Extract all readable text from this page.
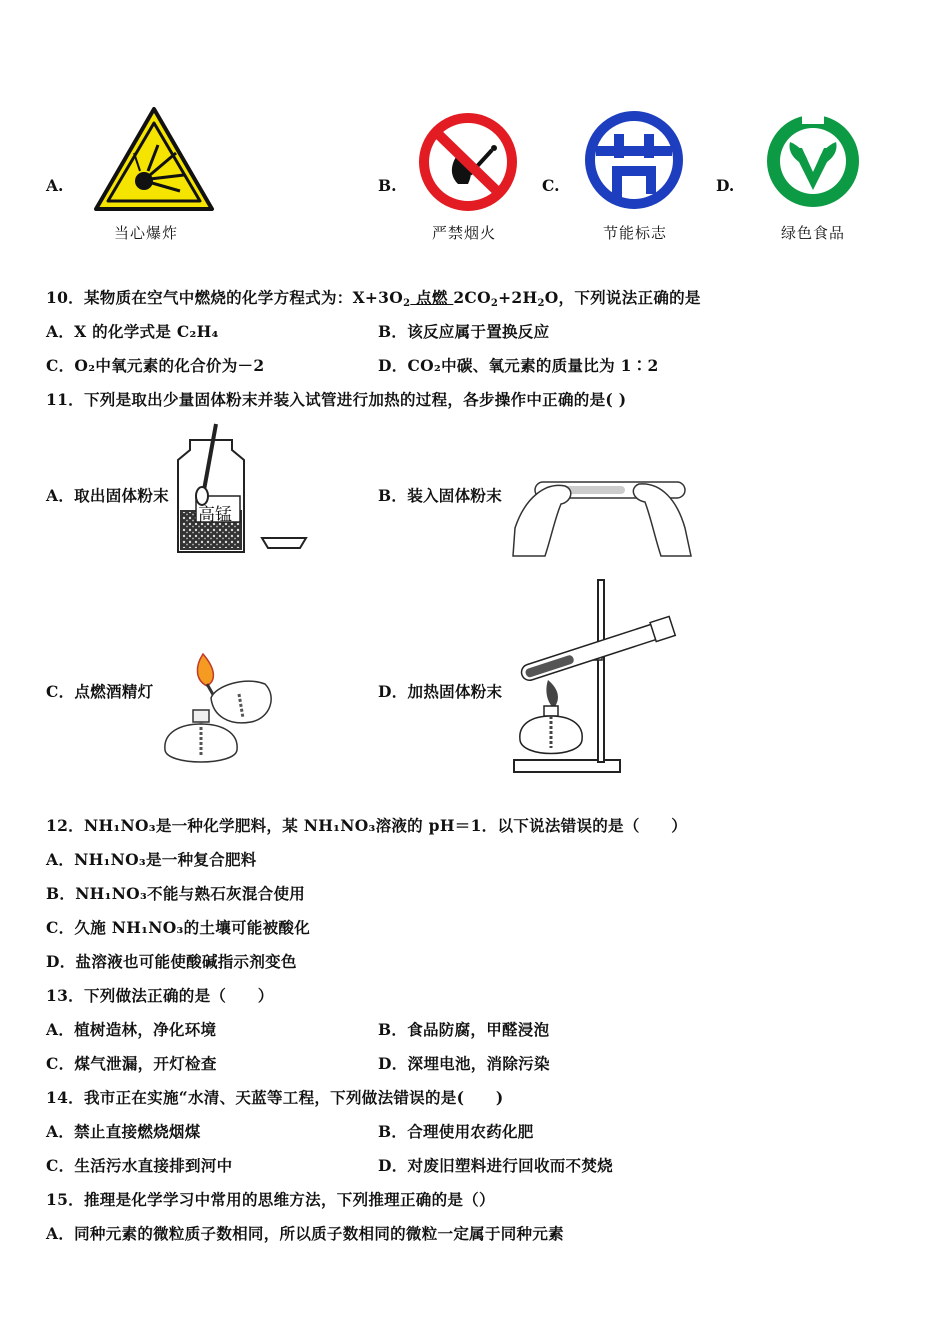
A.
当心爆炸
B.
严禁烟火
C.
节能标志
D.
绿色食品
10．某物质在空气中燃烧的化学方程式为：$X+3O_2$ 点燃 $2CO_2+2H_2O$，下列说法正确的是
A．X 的化学式是 C₂H₄	B．该反应属于置换反应
C．O₂中氧元素的化合价为－2	D．CO₂中碳、氧元素的质量比为 1∶2
11．下列是取出少量固体粉末并装入试管进行加热的过程，各步操作中正确的是( )
A．取出固体粉末
高锰
B．装入固体粉末
C．点燃酒精灯	D．加热固体粉末
12．NH₁NO₃是一种化学肥料，某 NH₁NO₃溶液的 pH＝1．以下说法错误的是（　　）
A．NH₁NO₃是一种复合肥料
B．NH₁NO₃不能与熟石灰混合使用
C．久施 NH₁NO₃的土壤可能被酸化
D．盐溶液也可能使酸碱指示剂变色
13．下列做法正确的是（　　）
A．植树造林，净化环境	B．食品防腐，甲醛浸泡
C．煤气泄漏，开灯检查	D．深埋电池，消除污染
14．我市正在实施“水清、天蓝等工程，下列做法错误的是(　　)
A．禁止直接燃烧烟煤	B．合理使用农药化肥
C．生活污水直接排到河中	D．对废旧塑料进行回收而不焚烧
15．推理是化学学习中常用的思维方法，下列推理正确的是（）
A．同种元素的微粒质子数相同，所以质子数相同的微粒一定属于同种元素
